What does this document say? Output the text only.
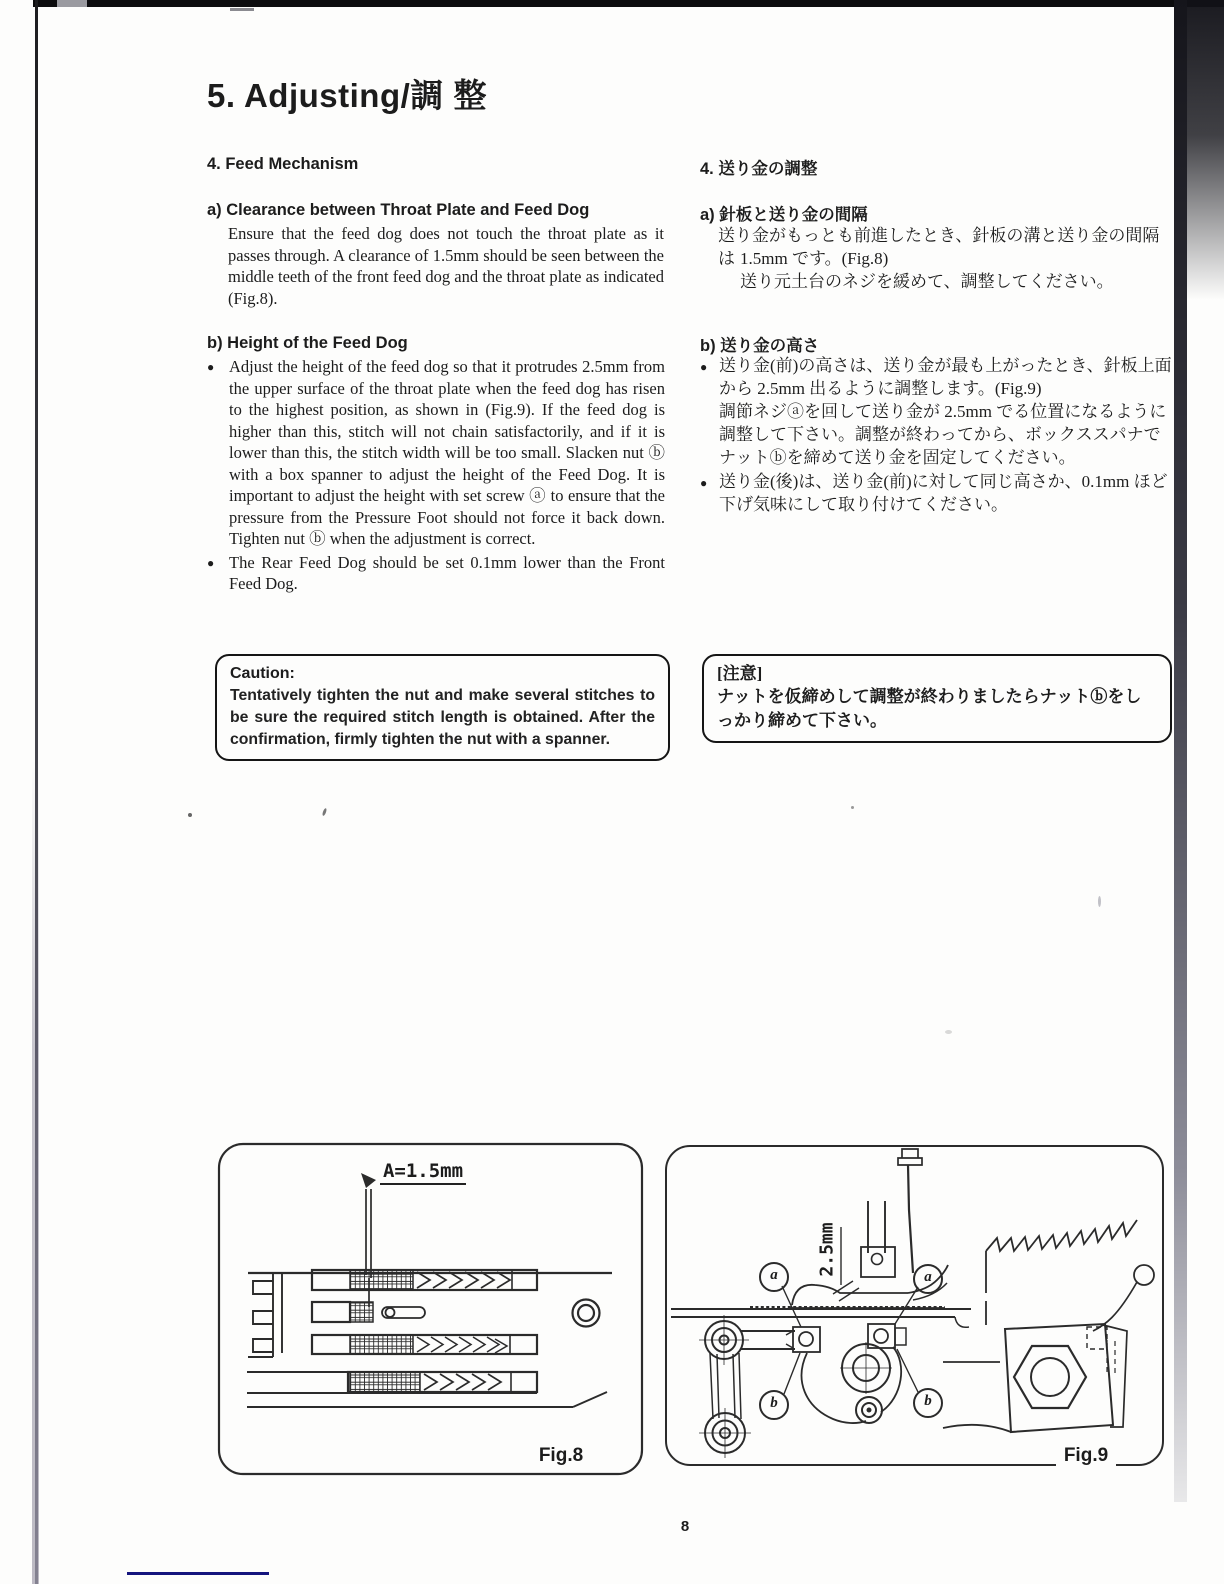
5. Adjusting/調 整
4. Feed Mechanism
a) Clearance between Throat Plate and Feed Dog
Ensure that the feed dog does not touch the throat plate as it passes through. A clearance of 1.5mm should be seen between the middle teeth of the front feed dog and the throat plate as indicated (Fig.8).
b) Height of the Feed Dog
● Adjust the height of the feed dog so that it protrudes 2.5mm from the upper surface of the throat plate when the feed dog has risen to the highest position, as shown in (Fig.9). If the feed dog is higher than this, stitch will not chain satisfactorily, and if it is lower than this, the stitch width will be too small. Slacken nut ⓑ with a box spanner to adjust the height of the Feed Dog. It is important to adjust the height with set screw ⓐ to ensure that the pressure from the Pressure Foot should not force it back down. Tighten nut ⓑ when the adjustment is correct.
● The Rear Feed Dog should be set 0.1mm lower than the Front Feed Dog.
Caution:
Tentatively tighten the nut and make several stitches to be sure the required stitch length is obtained. After the confirmation, firmly tighten the nut with a spanner.
4. 送り金の調整
a) 針板と送り金の間隔
送り金がもっとも前進したとき、針板の溝と送り金の間隔は 1.5mm です。(Fig.8)
送り元土台のネジを緩めて、調整してください。
b) 送り金の高さ
● 送り金(前)の高さは、送り金が最も上がったとき、針板上面から 2.5mm 出るように調整します。(Fig.9)
調節ネジⓐを回して送り金が 2.5mm でる位置になるように調整して下さい。調整が終わってから、ボックススパナでナットⓑを締めて送り金を固定してください。
● 送り金(後)は、送り金(前)に対して同じ高さか、0.1mm ほど下げ気味にして取り付けてください。
[注意]
ナットを仮締めして調整が終わりましたらナットⓑをしっかり締めて下さい。
A=1.5mm
Fig.8
2.5mm
a	a
b	b
Fig.9
8
